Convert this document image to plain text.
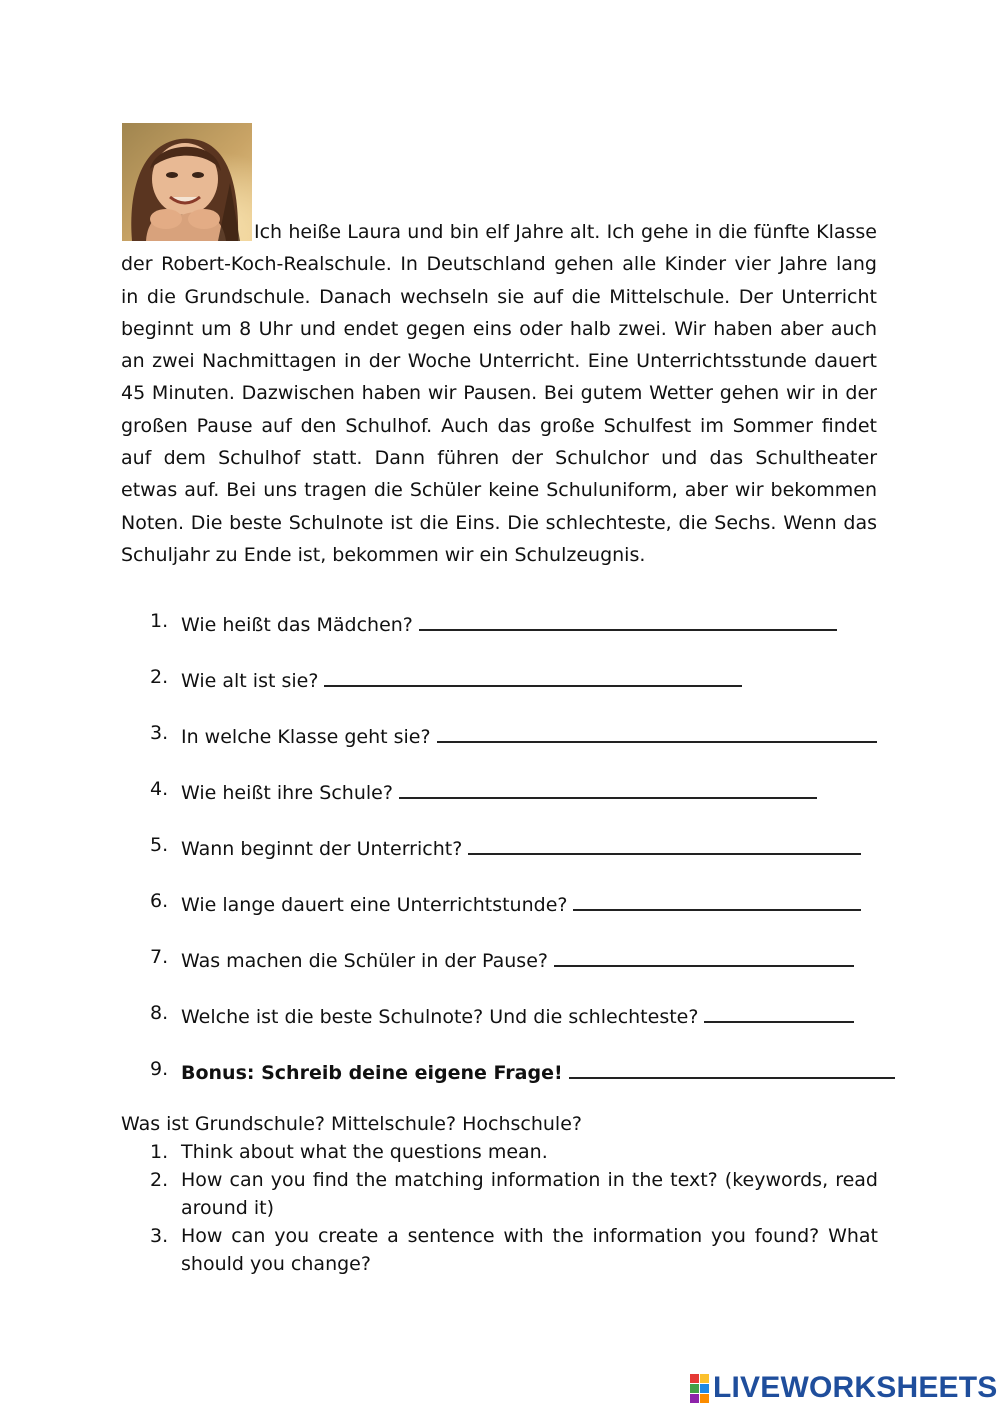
Ich heiße Laura und bin elf Jahre alt. Ich gehe in die fünfte Klasse der Robert-Koch-Realschule. In Deutschland gehen alle Kinder vier Jahre lang in die Grundschule. Danach wechseln sie auf die Mittelschule. Der Unterricht beginnt um 8 Uhr und endet gegen eins oder halb zwei. Wir haben aber auch an zwei Nachmittagen in der Woche Unterricht. Eine Unterrichtsstunde dauert 45 Minuten. Dazwischen haben wir Pausen. Bei gutem Wetter gehen wir in der großen Pause auf den Schulhof. Auch das große Schulfest im Sommer findet auf dem Schulhof statt. Dann führen der Schulchor und das Schultheater etwas auf. Bei uns tragen die Schüler keine Schuluniform, aber wir bekommen Noten. Die beste Schulnote ist die Eins. Die schlechteste, die Sechs. Wenn das Schuljahr zu Ende ist, bekommen wir ein Schulzeugnis.

1. Wie heißt das Mädchen?
2. Wie alt ist sie?
3. In welche Klasse geht sie?
4. Wie heißt ihre Schule?
5. Wann beginnt der Unterricht?
6. Wie lange dauert eine Unterrichtstunde?
7. Was machen die Schüler in der Pause?
8. Welche ist die beste Schulnote? Und die schlechteste?
9. Bonus: Schreib deine eigene Frage!

Was ist Grundschule? Mittelschule? Hochschule?

1. Think about what the questions mean.
2. How can you find the matching information in the text? (keywords, read around it)
3. How can you create a sentence with the information you found? What should you change?
LIVEWORKSHEETS
